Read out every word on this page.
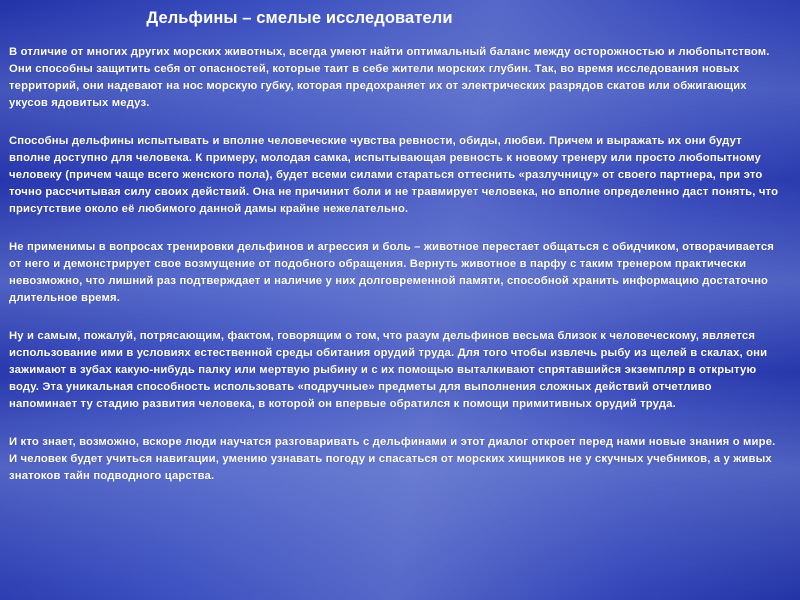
Дельфины – смелые исследователи

В отличие от многих других морских животных, всегда умеют найти оптимальный баланс между осторожностью и любопытством. Они способны защитить себя от опасностей, которые таит в себе жители морских глубин. Так, во время исследования новых территорий, они надевают на нос морскую губку, которая предохраняет их от электрических разрядов скатов или обжигающих укусов ядовитых медуз.

Способны дельфины испытывать и вполне человеческие чувства ревности, обиды, любви. Причем и выражать их они будут вполне доступно для человека. К примеру, молодая самка, испытывающая ревность к новому тренеру или просто любопытному человеку (причем чаще всего женского пола), будет всеми силами стараться оттеснить «разлучницу» от своего партнера, при это точно рассчитывая силу своих действий. Она не причинит боли и не травмирует человека, но вполне определенно даст понять, что присутствие около её любимого данной дамы крайне нежелательно.

Не применимы в вопросах тренировки дельфинов и агрессия и боль – животное перестает общаться с обидчиком, отворачивается от него и демонстрирует свое возмущение от подобного обращения. Вернуть животное в парфу с таким тренером практически невозможно, что лишний раз подтверждает и наличие у них долговременной памяти, способной хранить информацию достаточно длительное время.

Ну и самым, пожалуй, потрясающим, фактом, говорящим о том, что разум дельфинов весьма близок к человеческому, является использование ими в условиях естественной среды обитания орудий труда. Для того чтобы извлечь рыбу из щелей в скалах, они зажимают в зубах какую-нибудь палку или мертвую рыбину и с их помощью выталкивают спрятавшийся экземпляр в открытую воду. Эта уникальная способность использовать «подручные» предметы для выполнения сложных действий отчетливо напоминает ту стадию развития человека, в которой он впервые обратился к помощи примитивных орудий труда.

И кто знает, возможно, вскоре люди научатся разговаривать с дельфинами и этот диалог откроет перед нами новые знания о мире. И человек будет учиться навигации, умению узнавать погоду и спасаться от морских хищников не у скучных учебников, а у живых знатоков тайн подводного царства.
